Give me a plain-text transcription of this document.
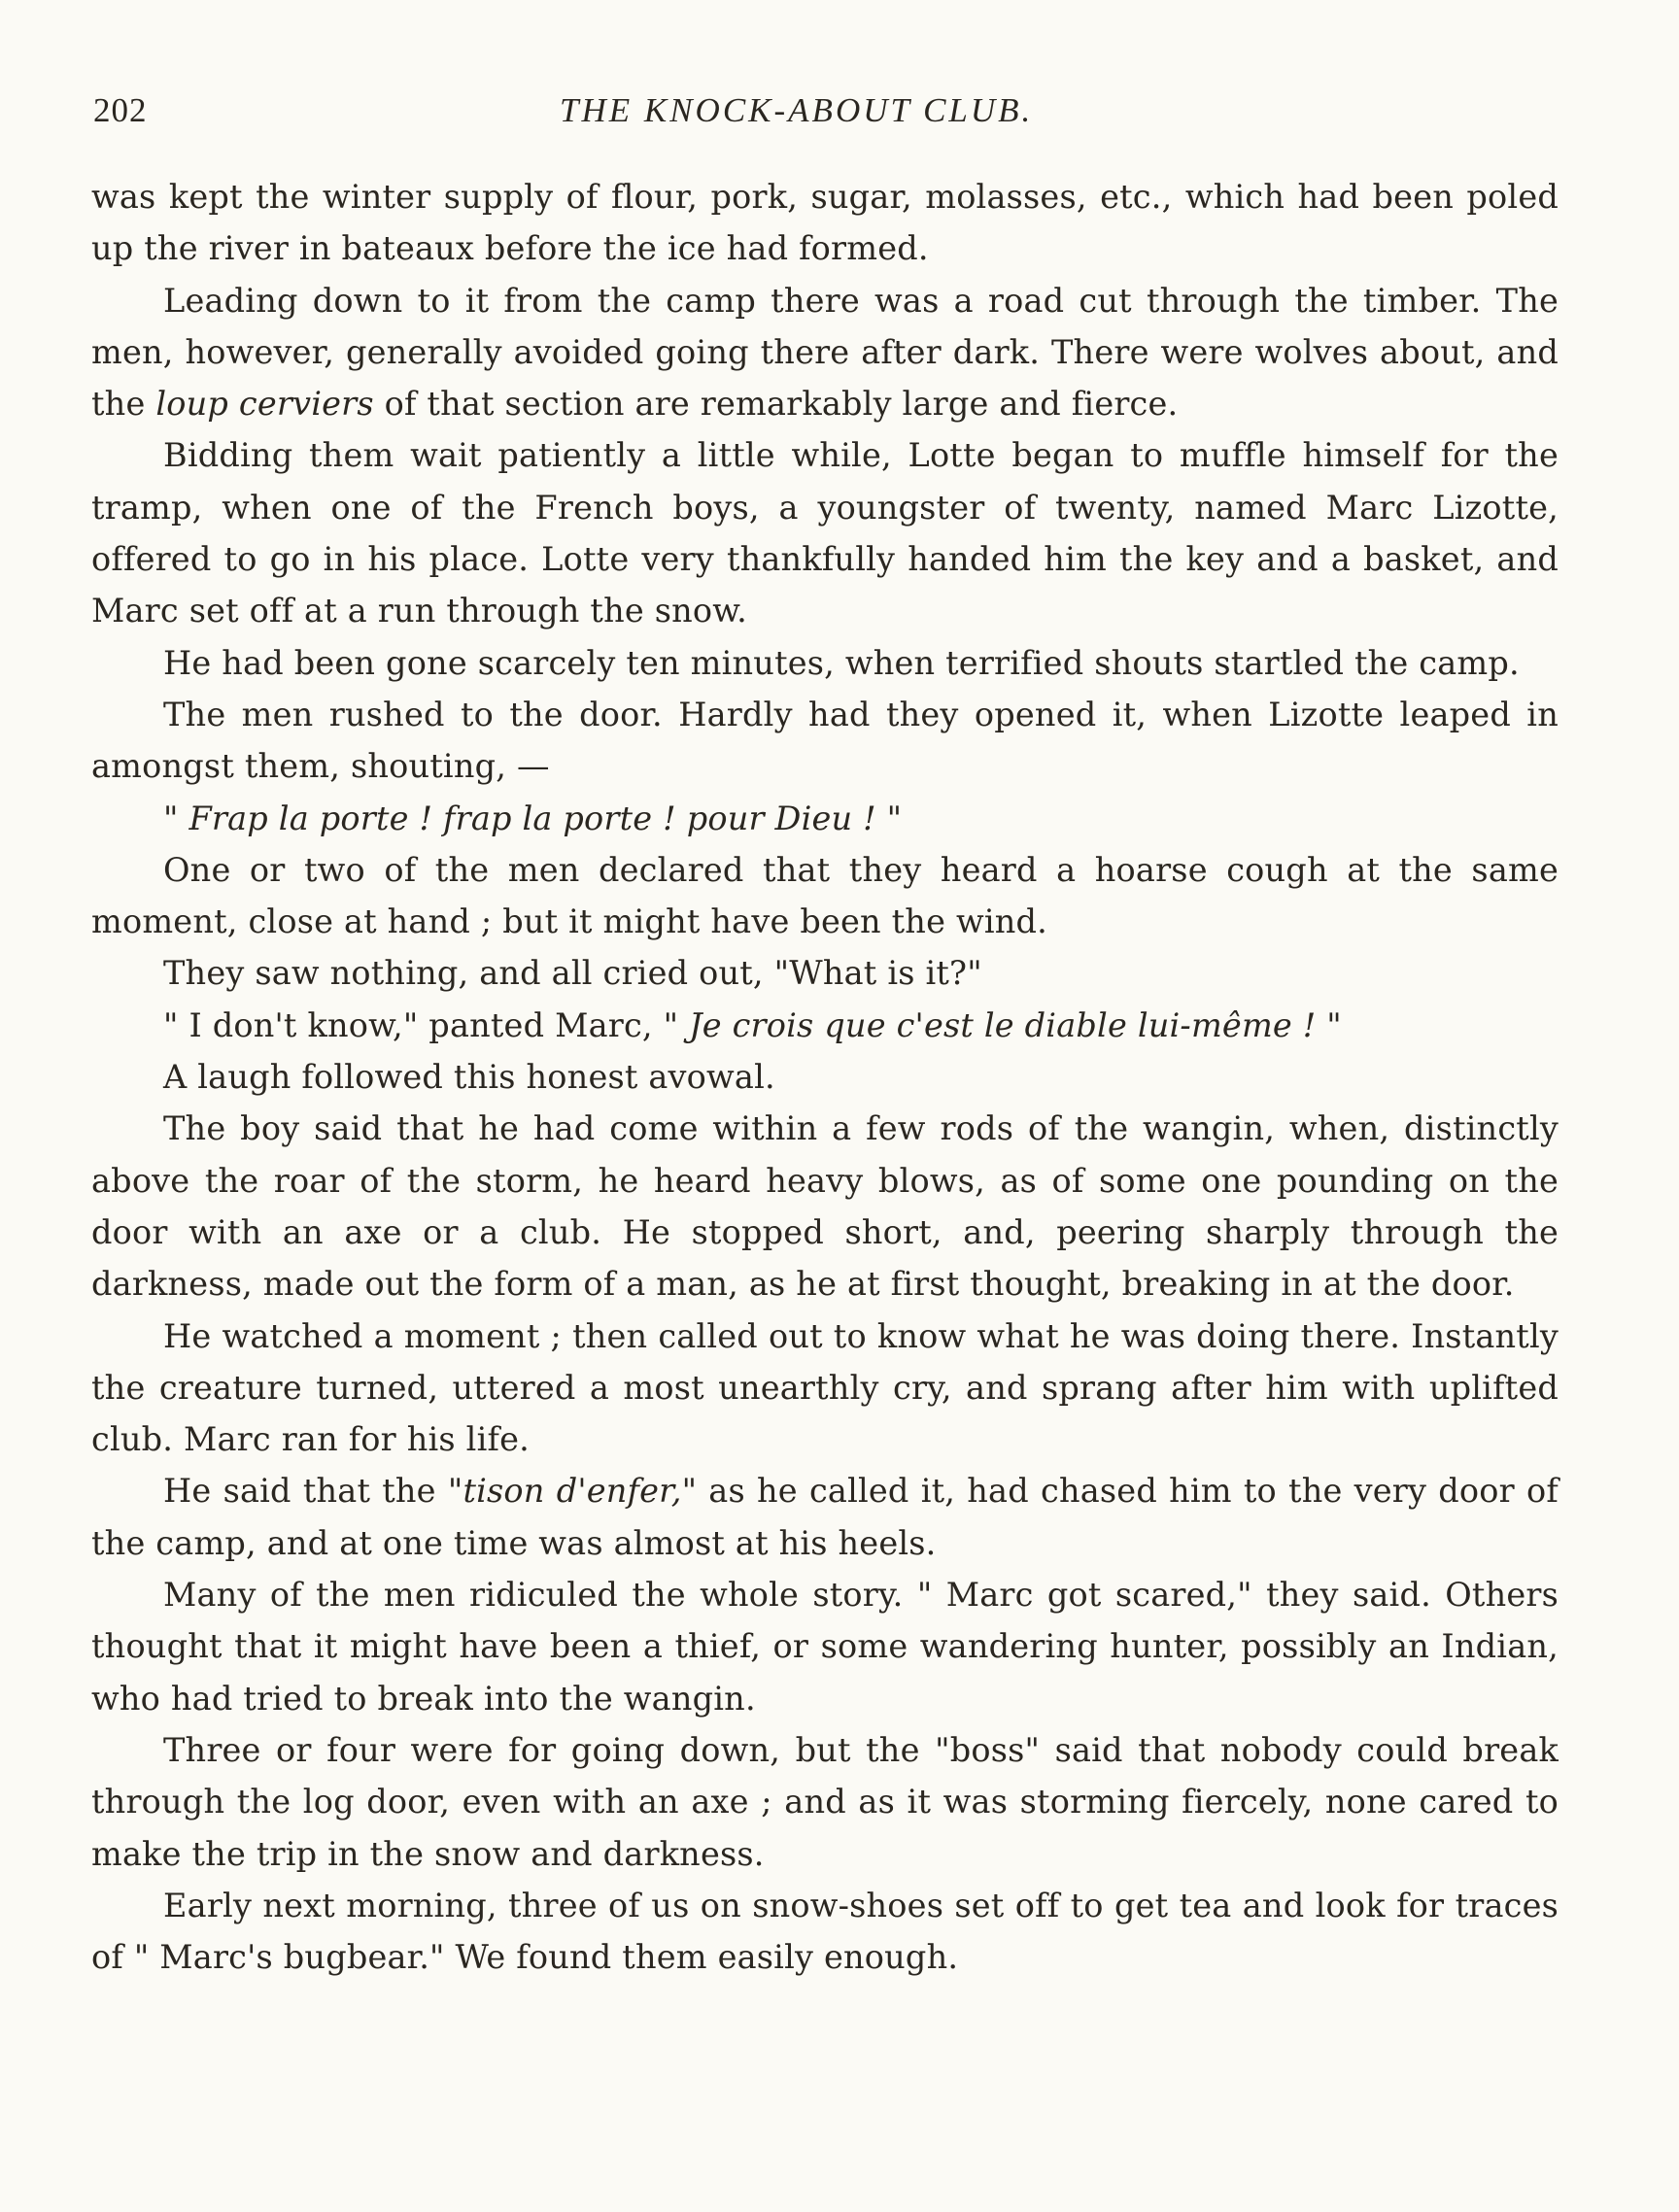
202	THE KNOCK-ABOUT CLUB.

was kept the winter supply of flour, pork, sugar, molasses, etc., which had been poled up the river in bateaux before the ice had formed.

Leading down to it from the camp there was a road cut through the timber. The men, however, generally avoided going there after dark. There were wolves about, and the loup cerviers of that section are remarkably large and fierce.

Bidding them wait patiently a little while, Lotte began to muffle himself for the tramp, when one of the French boys, a youngster of twenty, named Marc Lizotte, offered to go in his place. Lotte very thankfully handed him the key and a basket, and Marc set off at a run through the snow.

He had been gone scarcely ten minutes, when terrified shouts startled the camp.

The men rushed to the door. Hardly had they opened it, when Lizotte leaped in amongst them, shouting, —

" Frap la porte ! frap la porte ! pour Dieu ! "

One or two of the men declared that they heard a hoarse cough at the same moment, close at hand ; but it might have been the wind.

They saw nothing, and all cried out, "What is it?"

" I don't know," panted Marc, " Je crois que c'est le diable lui-même ! "

A laugh followed this honest avowal.

The boy said that he had come within a few rods of the wangin, when, distinctly above the roar of the storm, he heard heavy blows, as of some one pounding on the door with an axe or a club. He stopped short, and, peering sharply through the darkness, made out the form of a man, as he at first thought, breaking in at the door.

He watched a moment ; then called out to know what he was doing there. Instantly the creature turned, uttered a most unearthly cry, and sprang after him with uplifted club. Marc ran for his life.

He said that the "tison d'enfer," as he called it, had chased him to the very door of the camp, and at one time was almost at his heels.

Many of the men ridiculed the whole story. " Marc got scared," they said. Others thought that it might have been a thief, or some wandering hunter, possibly an Indian, who had tried to break into the wangin.

Three or four were for going down, but the "boss" said that nobody could break through the log door, even with an axe ; and as it was storming fiercely, none cared to make the trip in the snow and darkness.

Early next morning, three of us on snow-shoes set off to get tea and look for traces of " Marc's bugbear." We found them easily enough.
